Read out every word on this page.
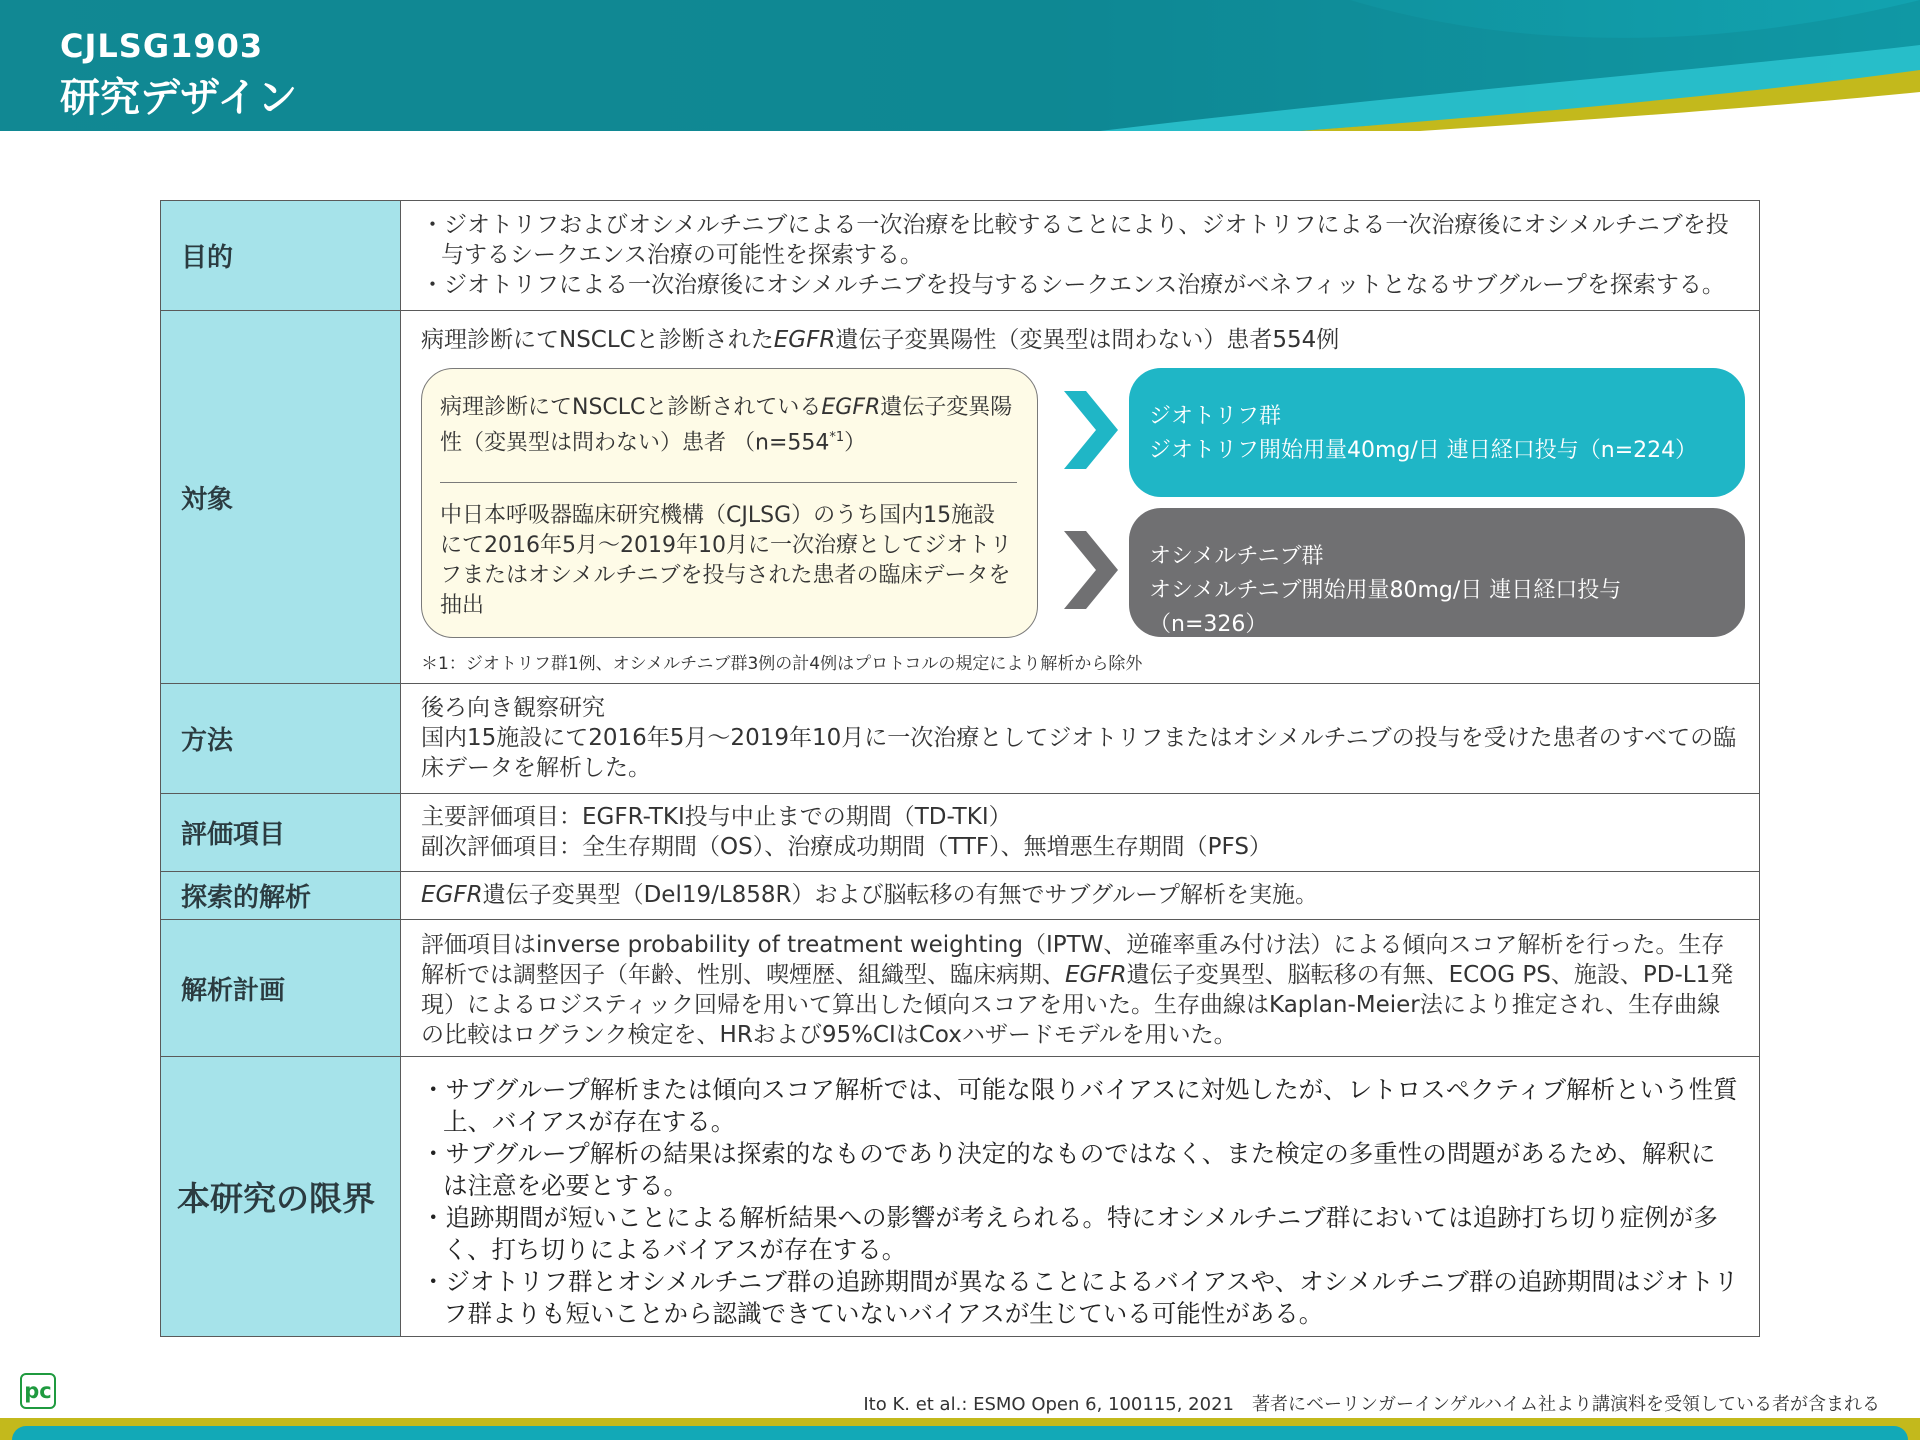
CJLSG1903
研究デザイン
目的
・ジオトリフおよびオシメルチニブによる一次治療を比較することにより、ジオトリフによる一次治療後にオシメルチニブを投与するシークエンス治療の可能性を探索する。
・ジオトリフによる一次治療後にオシメルチニブを投与するシークエンス治療がベネフィットとなるサブグループを探索する。
対象
病理診断にてNSCLCと診断されたEGFR遺伝子変異陽性（変異型は問わない）患者554例
病理診断にてNSCLCと診断されているEGFR遺伝子変異陽性（変異型は問わない）患者 $(n=554^{*1})$
中日本呼吸器臨床研究機構（CJLSG）のうち国内15施設にて2016年5月～2019年10月に一次治療としてジオトリフまたはオシメルチニブを投与された患者の臨床データを抽出
ジオトリフ群
ジオトリフ開始用量40mg/日 連日経口投与（n=224）
オシメルチニブ群
オシメルチニブ開始用量80mg/日 連日経口投与（n=326）
＊1：ジオトリフ群1例、オシメルチニブ群3例の計4例はプロトコルの規定により解析から除外
方法
後ろ向き観察研究
国内15施設にて2016年5月～2019年10月に一次治療としてジオトリフまたはオシメルチニブの投与を受けた患者のすべての臨床データを解析した。
評価項目
主要評価項目：EGFR-TKI投与中止までの期間（TD-TKI）
副次評価項目：全生存期間（OS）、治療成功期間（TTF）、無増悪生存期間（PFS）
探索的解析	EGFR遺伝子変異型（Del19/L858R）および脳転移の有無でサブグループ解析を実施。
解析計画
評価項目はinverse probability of treatment weighting（IPTW、逆確率重み付け法）による傾向スコア解析を行った。生存解析では調整因子（年齢、性別、喫煙歴、組織型、臨床病期、EGFR遺伝子変異型、脳転移の有無、ECOG PS、施設、PD-L1発現）によるロジスティック回帰を用いて算出した傾向スコアを用いた。生存曲線はKaplan-Meier法により推定され、生存曲線の比較はログランク検定を、HRおよび95%CIはCoxハザードモデルを用いた。
本研究の限界
・サブグループ解析または傾向スコア解析では、可能な限りバイアスに対処したが、レトロスペクティブ解析という性質上、バイアスが存在する。
・サブグループ解析の結果は探索的なものであり決定的なものではなく、また検定の多重性の問題があるため、解釈には注意を必要とする。
・追跡期間が短いことによる解析結果への影響が考えられる。特にオシメルチニブ群においては追跡打ち切り症例が多く、打ち切りによるバイアスが存在する。
・ジオトリフ群とオシメルチニブ群の追跡期間が異なることによるバイアスや、オシメルチニブ群の追跡期間はジオトリフ群よりも短いことから認識できていないバイアスが生じている可能性がある。
pc
Ito K. et al.: ESMO Open 6, 100115, 2021　著者にベーリンガーインゲルハイム社より講演料を受領している者が含まれる
